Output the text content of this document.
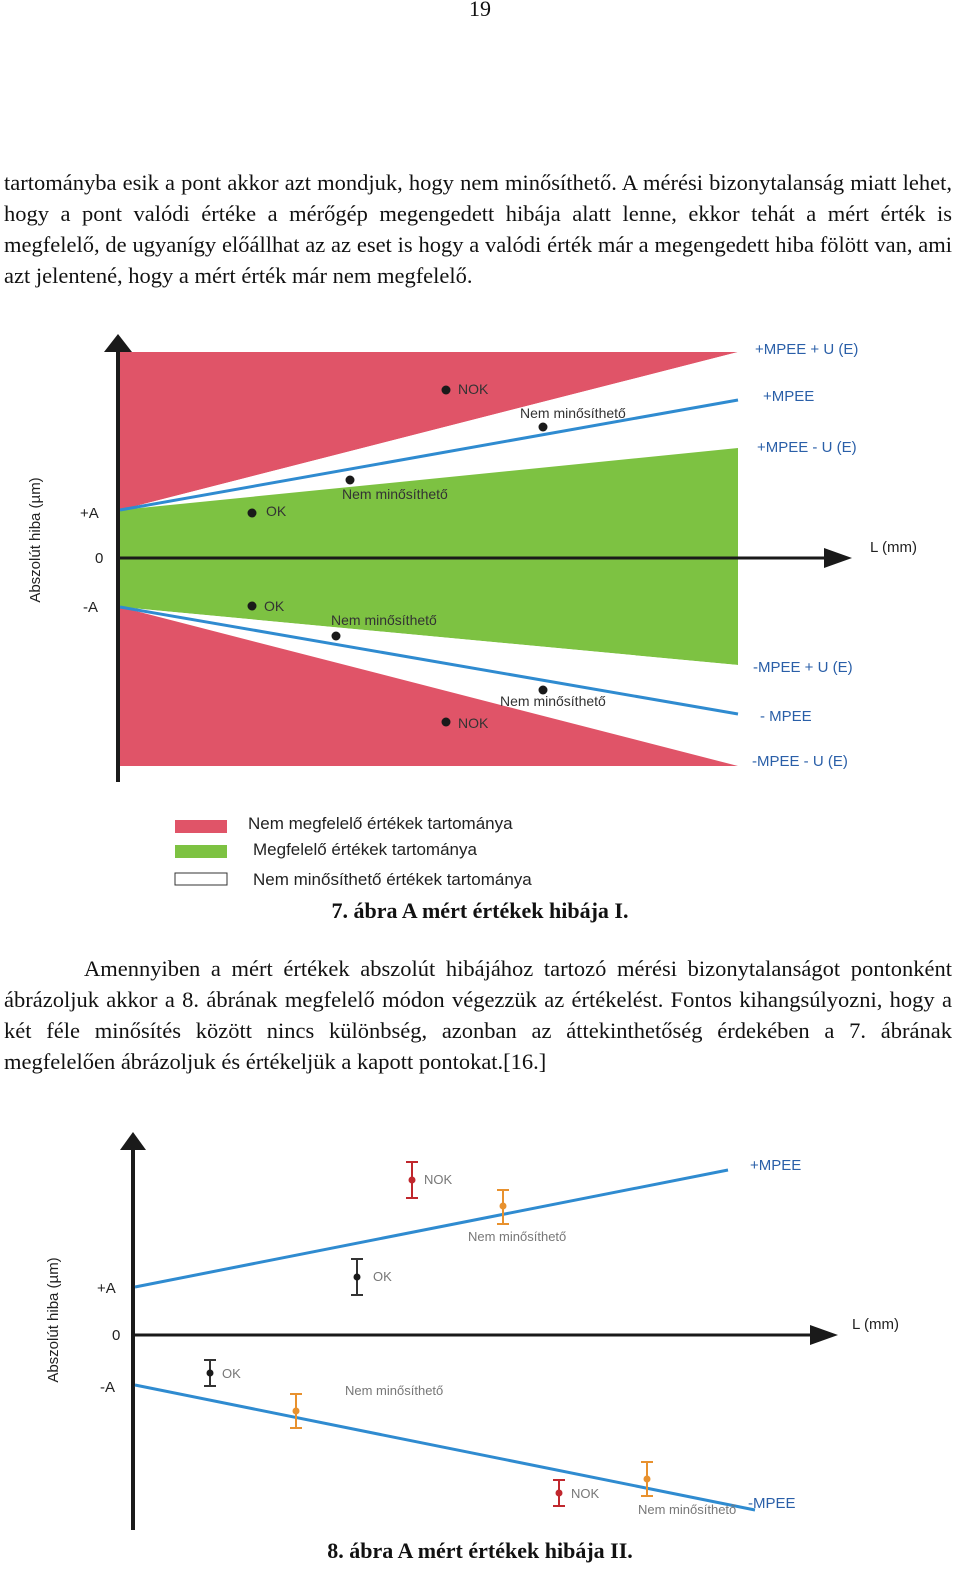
19

tartományba esik a pont akkor azt mondjuk, hogy nem minősíthető. A mérési bizonytalanság miatt lehet, hogy a pont valódi értéke a mérőgép megengedett hibája alatt lenne, ekkor tehát a mért érték is megfelelő, de ugyanígy előállhat az az eset is hogy a valódi érték már a megengedett hiba fölött van, ami azt jelentené, hogy a mért érték már nem megfelelő.

Abszolút hiba (µm) +A
0
-A
L (mm)
+MPEE + U (E)
+MPEE
+MPEE - U (E)
-MPEE + U (E)
- MPEE
-MPEE - U (E)
NOK
Nem minősíthető
Nem minősíthető
OK
OK
Nem minősíthető
Nem minősíthető
NOK
Nem megfelelő értékek tartománya
Megfelelő értékek tartománya
Nem minősíthető értékek tartománya
7. ábra A mért értékek hibája I.

Amennyiben a mért értékek abszolút hibájához tartozó mérési bizonytalanságot pontonként ábrázoljuk akkor a 8. ábrának megfelelő módon végezzük az értékelést. Fontos kihangsúlyozni, hogy a két féle minősítés között nincs különbség, azonban az áttekinthetőség érdekében a 7. ábrának megfelelően ábrázoljuk és értékeljük a kapott pontokat.[16.]

Abszolút hiba (µm) +A
0
-A
L (mm)
+MPEE
-MPEE
NOK
Nem minősíthető
OK
OK
Nem minősíthető
NOK
Nem minősíthető
8. ábra A mért értékek hibája II.
